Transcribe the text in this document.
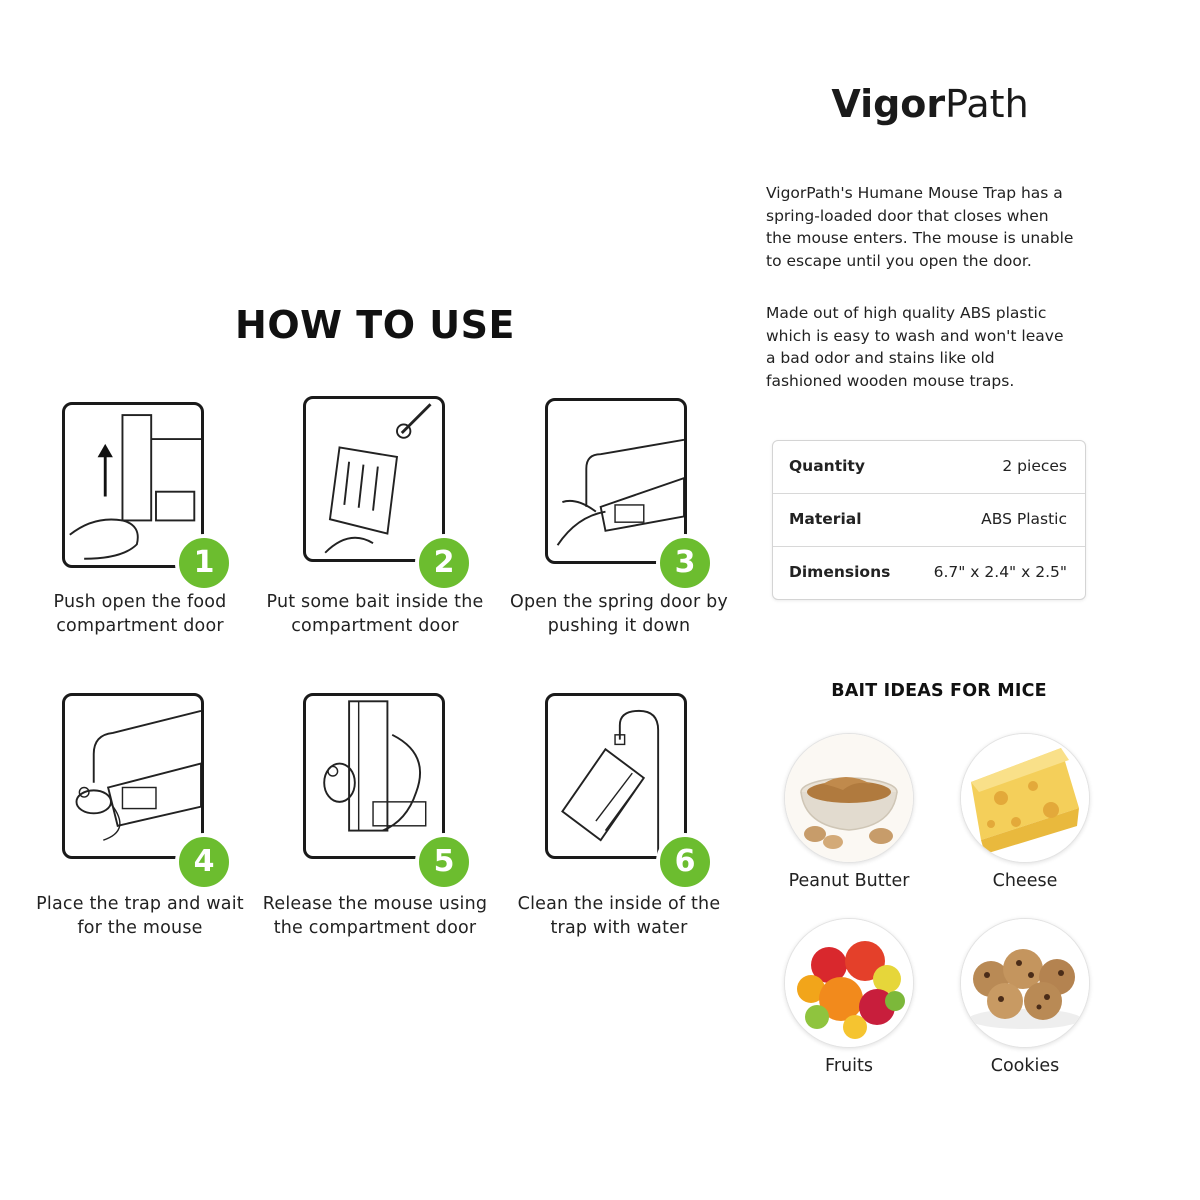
VigorPath
HOW TO USE
1
Push open the food
compartment door
2
Put some bait inside the
compartment door
3
Open the spring door by
pushing it down
4
Place the trap and wait
for the mouse
5
Release the mouse using
the compartment door
6
Clean the inside of the
trap with water
VigorPath's Humane Mouse Trap has a
spring-loaded door that closes when
the mouse enters. The mouse is unable
to escape until you open the door.
Made out of high quality ABS plastic
which is easy to wash and won't leave
a bad odor and stains like old
fashioned wooden mouse traps.
Quantity	2 pieces
Material	ABS Plastic
Dimensions	6.7" x 2.4" x 2.5"
BAIT IDEAS FOR MICE
Peanut Butter	Cheese
Fruits	Cookies
